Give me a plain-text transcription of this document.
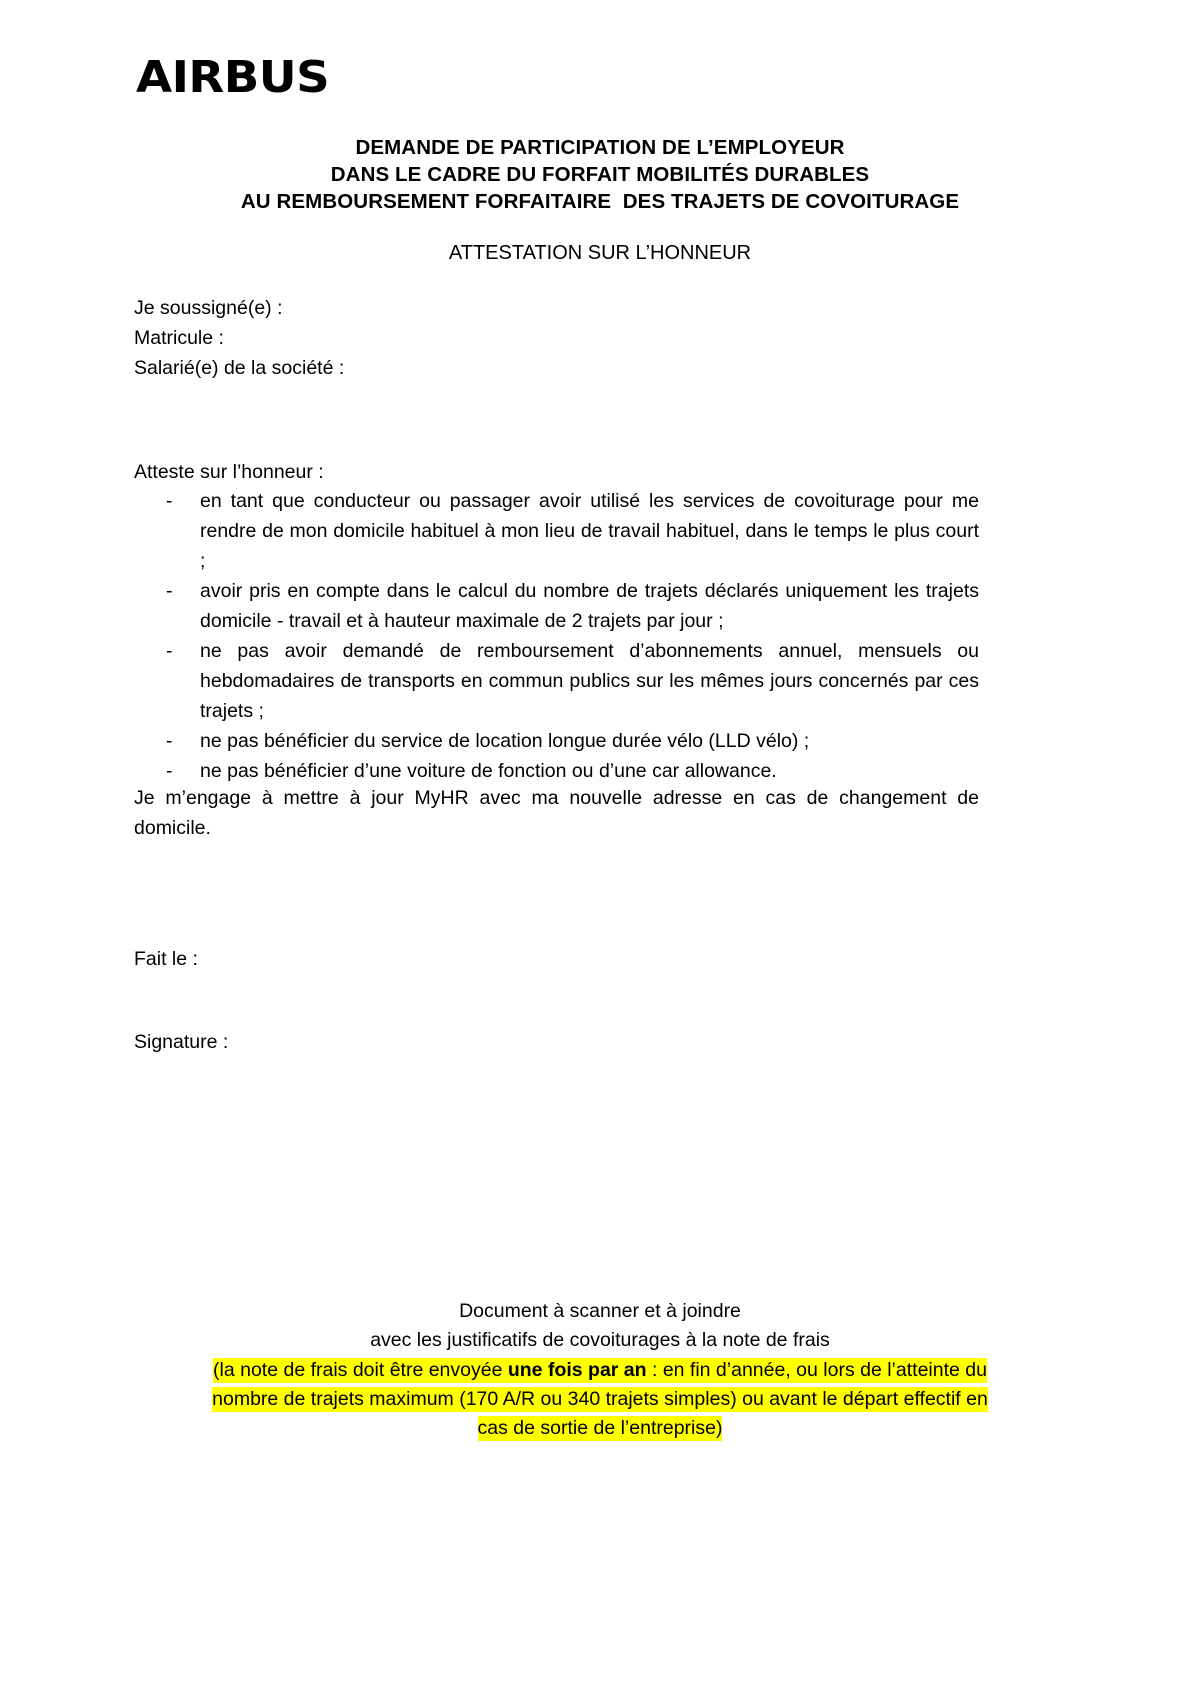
AIRBUS
DEMANDE DE PARTICIPATION DE L’EMPLOYEUR
DANS LE CADRE DU FORFAIT MOBILITÉS DURABLES
AU REMBOURSEMENT FORFAITAIRE  DES TRAJETS DE COVOITURAGE
ATTESTATION SUR L’HONNEUR
Je soussigné(e) :
Matricule :
Salarié(e) de la société :
Atteste sur l’honneur :
-	en tant que conducteur ou passager avoir utilisé les services de covoiturage pour me rendre de mon domicile habituel à mon lieu de travail habituel, dans le temps le plus court ;
-	avoir pris en compte dans le calcul du nombre de trajets déclarés uniquement les trajets domicile - travail et à hauteur maximale de 2 trajets par jour ;
-	ne pas avoir demandé de remboursement d’abonnements annuel, mensuels ou hebdomadaires de transports en commun publics sur les mêmes jours concernés par ces trajets ;
-	ne pas bénéficier du service de location longue durée vélo (LLD vélo) ;
-	ne pas bénéficier d’une voiture de fonction ou d’une car allowance.
Je m’engage à mettre à jour MyHR avec ma nouvelle adresse en cas de changement de domicile.
Fait le :
Signature :
Document à scanner et à joindre
avec les justificatifs de covoiturages à la note de frais
(la note de frais doit être envoyée une fois par an : en fin d’année, ou lors de l’atteinte du
nombre de trajets maximum (170 A/R ou 340 trajets simples) ou avant le départ effectif en
cas de sortie de l’entreprise)
